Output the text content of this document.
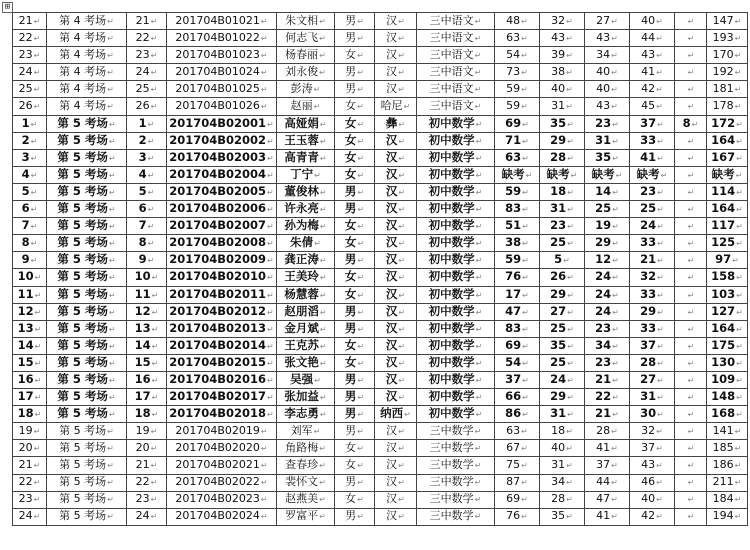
⊞
21↵	第 4 考场↵	21↵	201704B01021↵	朱文相↵	男↵	汉↵	三中语文↵	48↵	32↵	27↵	40↵	↵	147↵
22↵	第 4 考场↵	22↵	201704B01022↵	何志飞↵	男↵	汉↵	三中语文↵	63↵	43↵	43↵	44↵	↵	193↵
23↵	第 4 考场↵	23↵	201704B01023↵	杨春丽↵	女↵	汉↵	三中语文↵	54↵	39↵	34↵	43↵	↵	170↵
24↵	第 4 考场↵	24↵	201704B01024↵	刘永俊↵	男↵	汉↵	三中语文↵	73↵	38↵	40↵	41↵	↵	192↵
25↵	第 4 考场↵	25↵	201704B01025↵	彭涛↵	男↵	汉↵	三中语文↵	59↵	40↵	40↵	42↵	↵	181↵
26↵	第 4 考场↵	26↵	201704B01026↵	赵丽↵	女↵	哈尼↵	三中语文↵	59↵	31↵	43↵	45↵	↵	178↵
1↵	第 5 考场↵	1↵	201704B02001↵	高娅娟↵	女↵	彝↵	初中数学↵	69↵	35↵	23↵	37↵	8↵	172↵
2↵	第 5 考场↵	2↵	201704B02002↵	王玉蓉↵	女↵	汉↵	初中数学↵	71↵	29↵	31↵	33↵	↵	164↵
3↵	第 5 考场↵	3↵	201704B02003↵	高青青↵	女↵	汉↵	初中数学↵	63↵	28↵	35↵	41↵	↵	167↵
4↵	第 5 考场↵	4↵	201704B02004↵	丁宁↵	女↵	汉↵	初中数学↵	缺考↵	缺考↵	缺考↵	缺考↵	↵	缺考↵
5↵	第 5 考场↵	5↵	201704B02005↵	董俊林↵	男↵	汉↵	初中数学↵	59↵	18↵	14↵	23↵	↵	114↵
6↵	第 5 考场↵	6↵	201704B02006↵	许永亮↵	男↵	汉↵	初中数学↵	83↵	31↵	25↵	25↵	↵	164↵
7↵	第 5 考场↵	7↵	201704B02007↵	孙为梅↵	女↵	汉↵	初中数学↵	51↵	23↵	19↵	24↵	↵	117↵
8↵	第 5 考场↵	8↵	201704B02008↵	朱倩↵	女↵	汉↵	初中数学↵	38↵	25↵	29↵	33↵	↵	125↵
9↵	第 5 考场↵	9↵	201704B02009↵	龚正涛↵	男↵	汉↵	初中数学↵	59↵	5↵	12↵	21↵	↵	97↵
10↵	第 5 考场↵	10↵	201704B02010↵	王美玲↵	女↵	汉↵	初中数学↵	76↵	26↵	24↵	32↵	↵	158↵
11↵	第 5 考场↵	11↵	201704B02011↵	杨慧蓉↵	女↵	汉↵	初中数学↵	17↵	29↵	24↵	33↵	↵	103↵
12↵	第 5 考场↵	12↵	201704B02012↵	赵朋滔↵	男↵	汉↵	初中数学↵	47↵	27↵	24↵	29↵	↵	127↵
13↵	第 5 考场↵	13↵	201704B02013↵	金月斌↵	男↵	汉↵	初中数学↵	83↵	25↵	23↵	33↵	↵	164↵
14↵	第 5 考场↵	14↵	201704B02014↵	王克苏↵	女↵	汉↵	初中数学↵	69↵	35↵	34↵	37↵	↵	175↵
15↵	第 5 考场↵	15↵	201704B02015↵	张文艳↵	女↵	汉↵	初中数学↵	54↵	25↵	23↵	28↵	↵	130↵
16↵	第 5 考场↵	16↵	201704B02016↵	吴强↵	男↵	汉↵	初中数学↵	37↵	24↵	21↵	27↵	↵	109↵
17↵	第 5 考场↵	17↵	201704B02017↵	张加益↵	男↵	汉↵	初中数学↵	66↵	29↵	22↵	31↵	↵	148↵
18↵	第 5 考场↵	18↵	201704B02018↵	李志勇↵	男↵	纳西↵	初中数学↵	86↵	31↵	21↵	30↵	↵	168↵
19↵	第 5 考场↵	19↵	201704B02019↵	刘军↵	男↵	汉↵	三中数学↵	63↵	18↵	28↵	32↵	↵	141↵
20↵	第 5 考场↵	20↵	201704B02020↵	角路梅↵	女↵	汉↵	三中数学↵	67↵	40↵	41↵	37↵	↵	185↵
21↵	第 5 考场↵	21↵	201704B02021↵	查春珍↵	女↵	汉↵	三中数学↵	75↵	31↵	37↵	43↵	↵	186↵
22↵	第 5 考场↵	22↵	201704B02022↵	裴怀文↵	男↵	汉↵	三中数学↵	87↵	34↵	44↵	46↵	↵	211↵
23↵	第 5 考场↵	23↵	201704B02023↵	赵燕美↵	女↵	汉↵	三中数学↵	69↵	28↵	47↵	40↵	↵	184↵
24↵	第 5 考场↵	24↵	201704B02024↵	罗富平↵	男↵	汉↵	三中数学↵	76↵	35↵	41↵	42↵	↵	194↵
